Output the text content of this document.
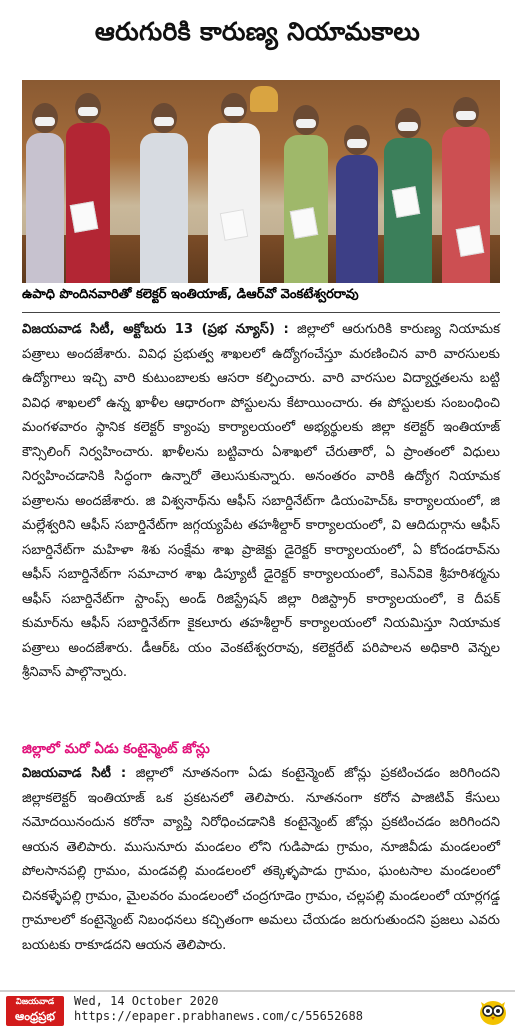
ఆరుగురికి కారుణ్య నియామకాలు
ఉపాధి పొందినవారితో కలెక్టర్ ఇంతియాజ్, డిఆర్‌వో వెంకటేశ్వరరావు

విజయవాడ సిటీ, అక్టోబరు 13 (ప్రభ న్యూస్) : జిల్లాలో ఆరుగురికి కారుణ్య నియామక పత్రాలు అందజేశారు. వివిధ ప్రభుత్వ శాఖలలో ఉద్యోగంచేస్తూ మరణించిన వారి వారసులకు ఉద్యోగాలు ఇచ్చి వారి కుటుంబాలకు ఆసరా కల్పించారు. వారి వారసుల విద్యార్హతలను బట్టి వివిధ శాఖలలో ఉన్న ఖాళీల ఆధారంగా పోస్టులను కేటాయించారు. ఈ పోస్టులకు సంబంధించి మంగళవారం స్థానిక కలెక్టర్ క్యాంపు కార్యాలయంలో అభ్యర్థులకు జిల్లా కలెక్టర్ ఇంతియాజ్ కౌన్సిలింగ్ నిర్వహించారు. ఖాళీలను బట్టివారు ఏశాఖలో చేరుతారో, ఏ ప్రాంతంలో విధులు నిర్వహించడానికి సిద్ధంగా ఉన్నారో తెలుసుకున్నారు. అనంతరం వారికి ఉద్యోగ నియామక పత్రాలను అందజేశారు. జి విశ్వనాథ్‌ను ఆఫీస్ సబార్డినేట్‌గా డియంహెచ్‌ఓ కార్యాలయంలో, జి మల్లేశ్వరిని ఆఫీస్ సబార్డినేట్‌గా జగ్గయ్యపేట తహశీల్దార్ కార్యాలయంలో, వి ఆదిదుర్గాను ఆఫీస్ సబార్డినేట్‌గా మహిళా శిశు సంక్షేమ శాఖ ప్రాజెక్టు డైరెక్టర్ కార్యాలయంలో, ఏ కోదండరావ్‌ను ఆఫీస్ సబార్డినేట్‌గా సమాచార శాఖ డిప్యూటీ డైరెక్టర్ కార్యాలయంలో, కెఎన్‌వికె శ్రీహరిశర్మను ఆఫీస్ సబార్డినేట్‌గా స్టాంప్స్ అండ్ రిజిస్ట్రేషన్ జిల్లా రిజిస్ట్రార్ కార్యాలయంలో, కె దీపక్ కుమార్‌ను ఆఫీస్ సబార్డినేట్‌గా కైకలూరు తహశీల్దార్ కార్యాలయంలో నియమిస్తూ నియామక పత్రాలు అందజేశారు. డీఆర్‌ఓ యం వెంకటేశ్వరరావు, కలెక్టరేట్ పరిపాలన అధికారి వెన్నల శ్రీనివాస్ పాల్గొన్నారు.

జిల్లాలో మరో ఏడు కంటైన్మెంట్ జోన్లు

విజయవాడ సిటీ : జిల్లాలో నూతనంగా ఏడు కంటైన్మెంట్ జోన్లు ప్రకటించడం జరిగిందని జిల్లాకలెక్టర్ ఇంతియాజ్ ఒక ప్రకటనలో తెలిపారు. నూతనంగా కరోన పాజిటివ్ కేసులు నమోదయినందున కరోనా వ్యాప్తి నిరోధించడానికి కంటైన్మెంట్ జోన్లు ప్రకటించడం జరిగిందని ఆయన తెలిపారు. ముసునూరు మండలం లోని గుడిపాడు గ్రామం, నూజివీడు మండలంలో పోలసానపల్లి గ్రామం, మండవల్లి మండలంలో తక్కెళ్ళపాడు గ్రామం, ఘంటసాల మండలంలో చినకళ్ళేపల్లి గ్రామం, మైలవరం మండలంలో చంద్రగూడెం గ్రామం, చల్లపల్లి మండలంలో యార్లగడ్డ గ్రామాలలో కంటైన్మెంట్ నిబంధనలు కచ్చితంగా అమలు చేయడం జరుగుతుందని ప్రజలు ఎవరు బయటకు రాకూడదని ఆయన తెలిపారు.

విజయవాడ
ఆంధ్రప్రభ
Wed, 14 October 2020
https://epaper.prabhanews.com/c/55652688
